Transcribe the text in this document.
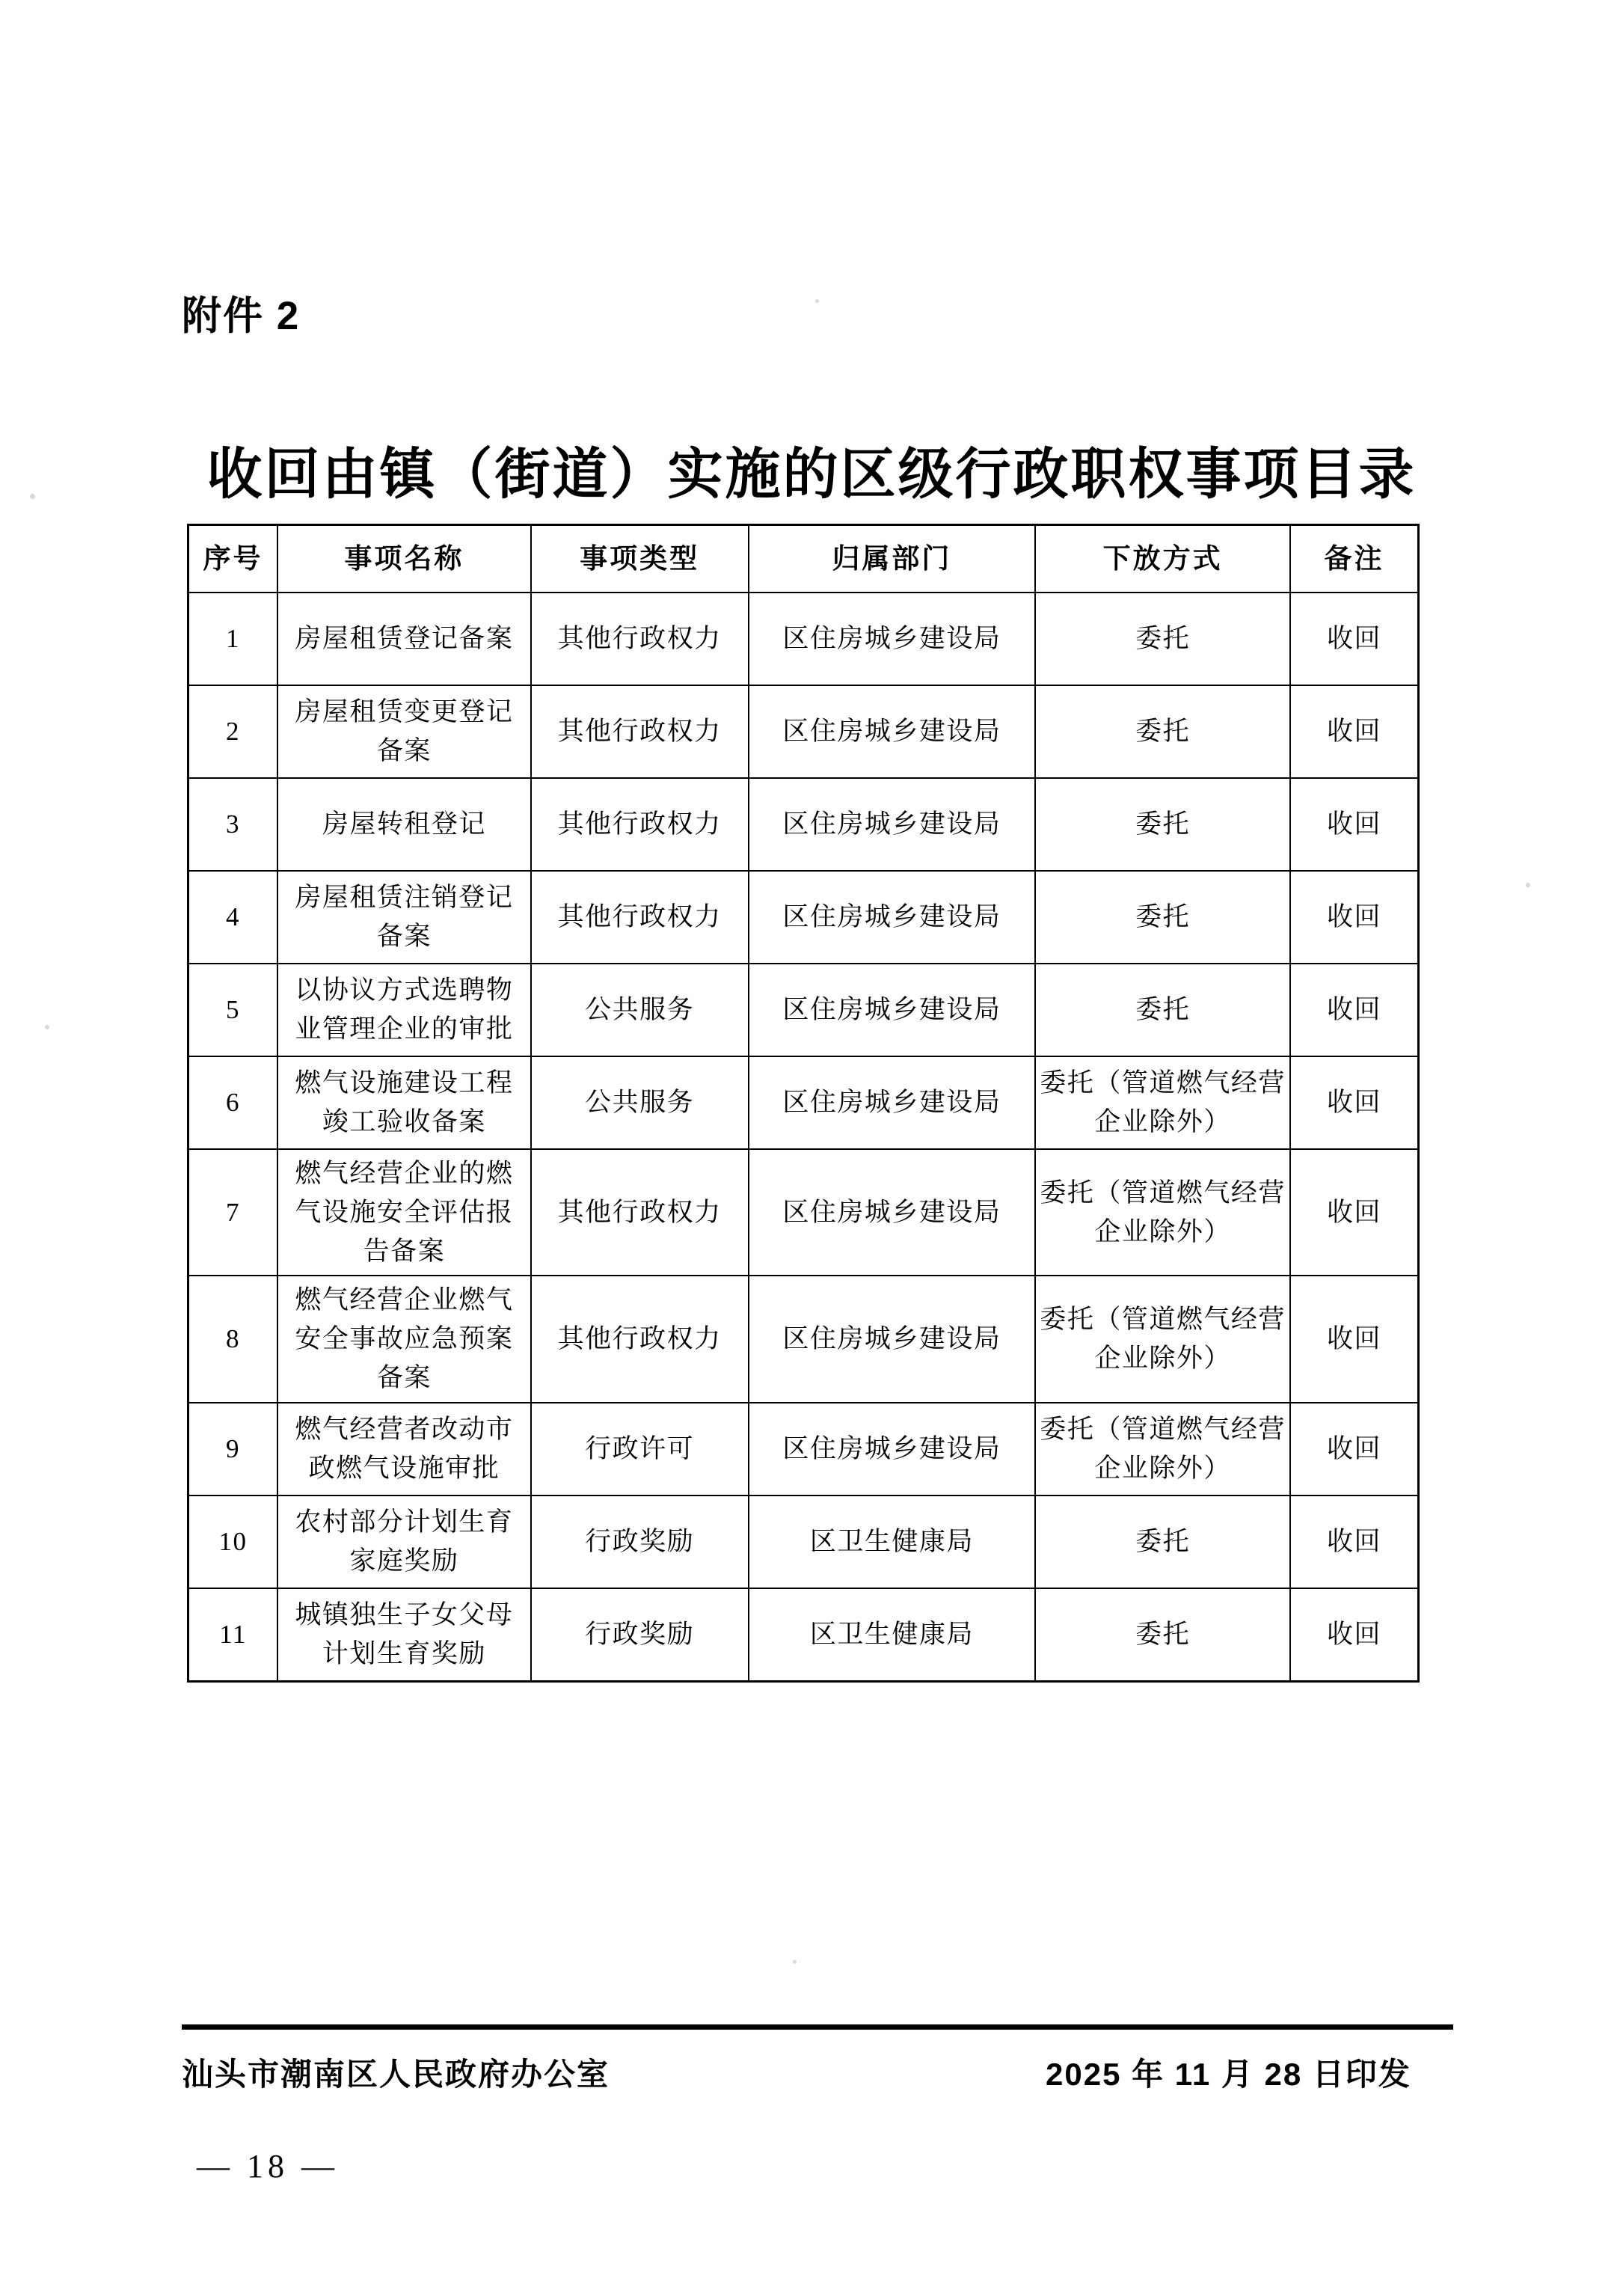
附件 2
收回由镇（街道）实施的区级行政职权事项目录
序号	事项名称	事项类型	归属部门	下放方式	备注
1	房屋租赁登记备案	其他行政权力	区住房城乡建设局	委托	收回
2	房屋租赁变更登记备案	其他行政权力	区住房城乡建设局	委托	收回
3	房屋转租登记	其他行政权力	区住房城乡建设局	委托	收回
4	房屋租赁注销登记备案	其他行政权力	区住房城乡建设局	委托	收回
5	以协议方式选聘物业管理企业的审批	公共服务	区住房城乡建设局	委托	收回
6	燃气设施建设工程竣工验收备案	公共服务	区住房城乡建设局	委托（管道燃气经营企业除外）	收回
7	燃气经营企业的燃气设施安全评估报告备案	其他行政权力	区住房城乡建设局	委托（管道燃气经营企业除外）	收回
8	燃气经营企业燃气安全事故应急预案备案	其他行政权力	区住房城乡建设局	委托（管道燃气经营企业除外）	收回
9	燃气经营者改动市政燃气设施审批	行政许可	区住房城乡建设局	委托（管道燃气经营企业除外）	收回
10	农村部分计划生育家庭奖励	行政奖励	区卫生健康局	委托	收回
11	城镇独生子女父母计划生育奖励	行政奖励	区卫生健康局	委托	收回
汕头市潮南区人民政府办公室	2025 年 11 月 28 日印发
— 18 —
